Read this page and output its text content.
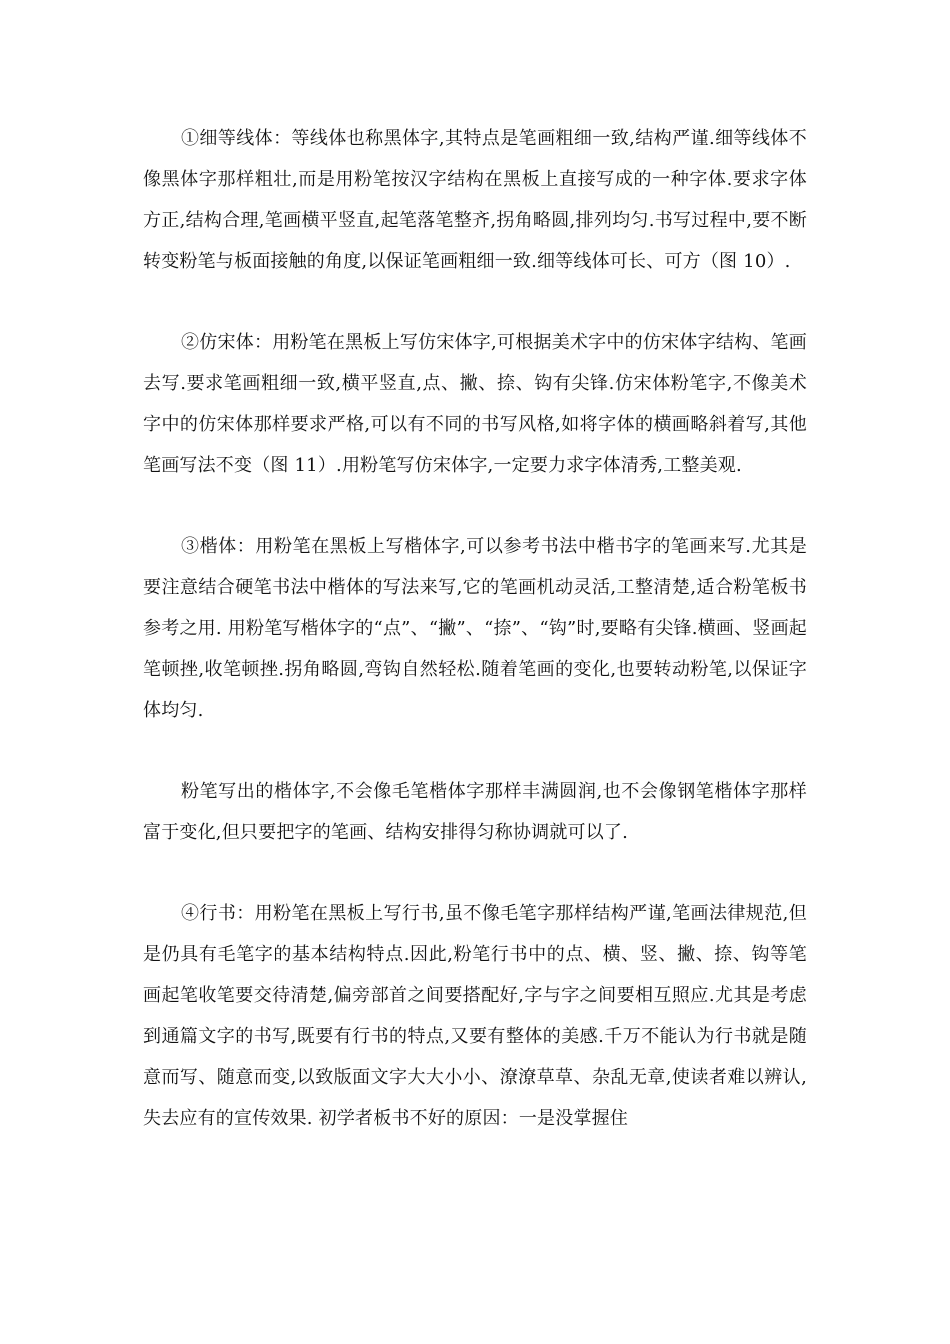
①细等线体：等线体也称黑体字,其特点是笔画粗细一致,结构严谨.细等线体不像黑体字那样粗壮,而是用粉笔按汉字结构在黑板上直接写成的一种字体.要求字体方正,结构合理,笔画横平竖直,起笔落笔整齐,拐角略圆,排列均匀.书写过程中,要不断转变粉笔与板面接触的角度,以保证笔画粗细一致.细等线体可长、可方（图 10）.

②仿宋体：用粉笔在黑板上写仿宋体字,可根据美术字中的仿宋体字结构、笔画去写.要求笔画粗细一致,横平竖直,点、撇、捺、钩有尖锋.仿宋体粉笔字,不像美术字中的仿宋体那样要求严格,可以有不同的书写风格,如将字体的横画略斜着写,其他笔画写法不变（图 11）.用粉笔写仿宋体字,一定要力求字体清秀,工整美观.

③楷体：用粉笔在黑板上写楷体字,可以参考书法中楷书字的笔画来写.尤其是要注意结合硬笔书法中楷体的写法来写,它的笔画机动灵活,工整清楚,适合粉笔板书参考之用. 用粉笔写楷体字的“点”、“撇”、“捺”、“钩”时,要略有尖锋.横画、竖画起笔顿挫,收笔顿挫.拐角略圆,弯钩自然轻松.随着笔画的变化,也要转动粉笔,以保证字体均匀.

粉笔写出的楷体字,不会像毛笔楷体字那样丰满圆润,也不会像钢笔楷体字那样富于变化,但只要把字的笔画、结构安排得匀称协调就可以了.

④行书：用粉笔在黑板上写行书,虽不像毛笔字那样结构严谨,笔画法律规范,但是仍具有毛笔字的基本结构特点.因此,粉笔行书中的点、横、竖、撇、捺、钩等笔画起笔收笔要交待清楚,偏旁部首之间要搭配好,字与字之间要相互照应.尤其是考虑到通篇文字的书写,既要有行书的特点,又要有整体的美感.千万不能认为行书就是随意而写、随意而变,以致版面文字大大小小、潦潦草草、杂乱无章,使读者难以辨认,失去应有的宣传效果. 初学者板书不好的原因：一是没掌握住
